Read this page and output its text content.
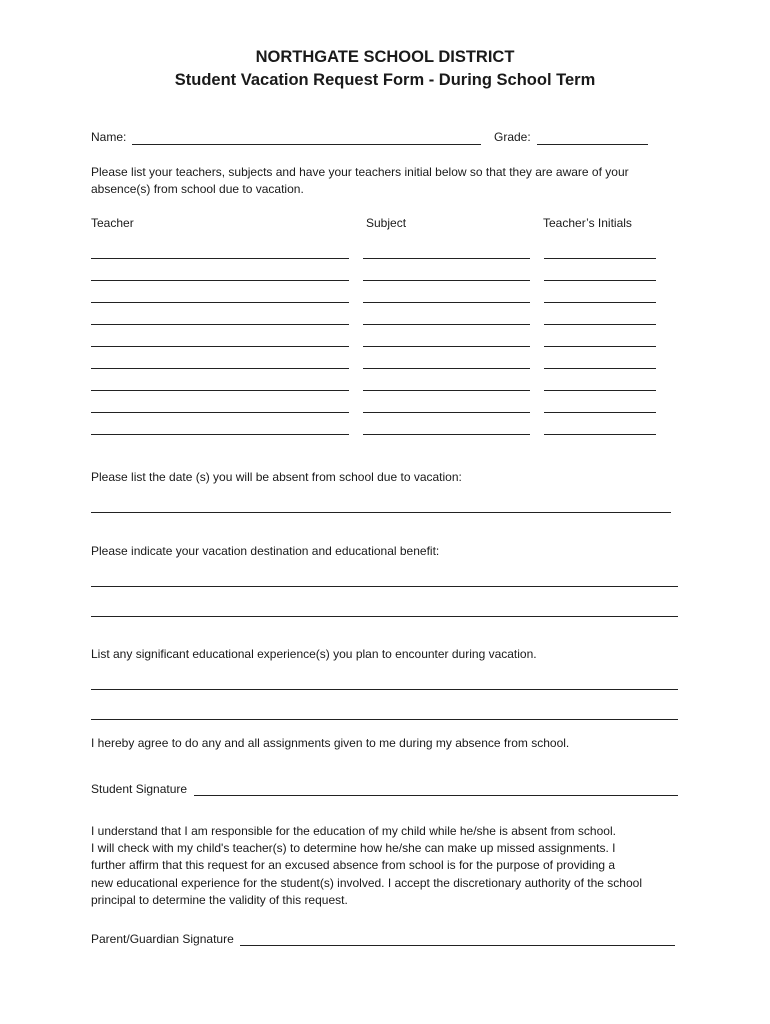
NORTHGATE SCHOOL DISTRICT
Student Vacation Request Form - During School Term
Name:	Grade:
Please list your teachers, subjects and have your teachers initial below so that they are aware of your
absence(s) from school due to vacation.
Teacher	Subject	Teacher’s Initials
Please list the date (s) you will be absent from school due to vacation:
Please indicate your vacation destination and educational benefit:
List any significant educational experience(s) you plan to encounter during vacation.
I hereby agree to do any and all assignments given to me during my absence from school.
Student Signature
I understand that I am responsible for the education of my child while he/she is absent from school.
I will check with my child's teacher(s) to determine how he/she can make up missed assignments. I
further affirm that this request for an excused absence from school is for the purpose of providing a
new educational experience for the student(s) involved. I accept the discretionary authority of the school
principal to determine the validity of this request.
Parent/Guardian Signature
